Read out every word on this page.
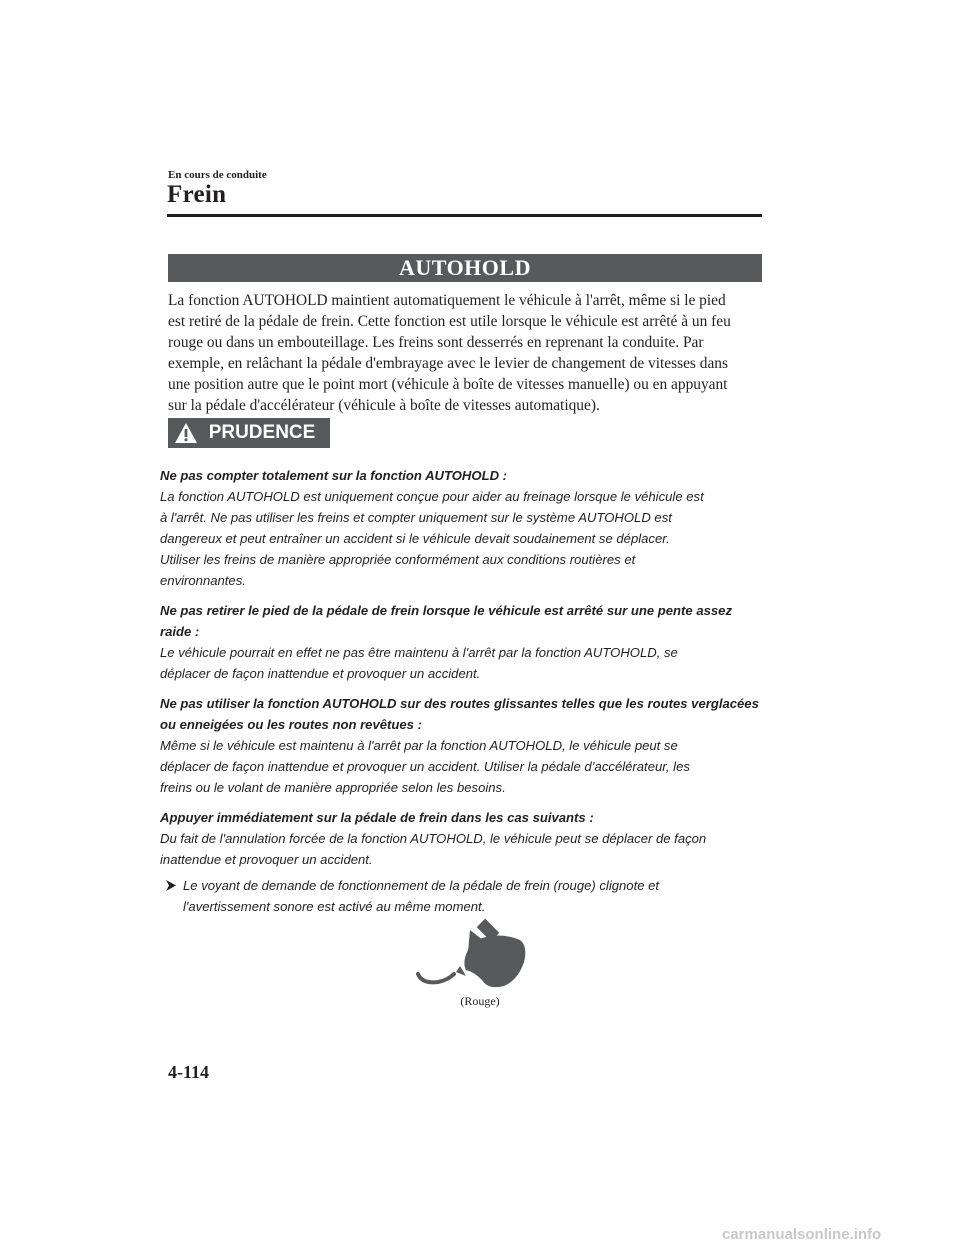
En cours de conduite
Frein
AUTOHOLD

La fonction AUTOHOLD maintient automatiquement le véhicule à l'arrêt, même si le pied

est retiré de la pédale de frein. Cette fonction est utile lorsque le véhicule est arrêté à un feu

rouge ou dans un embouteillage. Les freins sont desserrés en reprenant la conduite. Par

exemple, en relâchant la pédale d'embrayage avec le levier de changement de vitesses dans

une position autre que le point mort (véhicule à boîte de vitesses manuelle) ou en appuyant

sur la pédale d'accélérateur (véhicule à boîte de vitesses automatique).

PRUDENCE

Ne pas compter totalement sur la fonction AUTOHOLD :

La fonction AUTOHOLD est uniquement conçue pour aider au freinage lorsque le véhicule est

à l'arrêt. Ne pas utiliser les freins et compter uniquement sur le système AUTOHOLD est

dangereux et peut entraîner un accident si le véhicule devait soudainement se déplacer.

Utiliser les freins de manière appropriée conformément aux conditions routières et

environnantes.

Ne pas retirer le pied de la pédale de frein lorsque le véhicule est arrêté sur une pente assez

raide :

Le véhicule pourrait en effet ne pas être maintenu à l'arrêt par la fonction AUTOHOLD, se

déplacer de façon inattendue et provoquer un accident.

Ne pas utiliser la fonction AUTOHOLD sur des routes glissantes telles que les routes verglacées

ou enneigées ou les routes non revêtues :

Même si le véhicule est maintenu à l'arrêt par la fonction AUTOHOLD, le véhicule peut se

déplacer de façon inattendue et provoquer un accident. Utiliser la pédale d’accélérateur, les

freins ou le volant de manière appropriée selon les besoins.

Appuyer immédiatement sur la pédale de frein dans les cas suivants :

Du fait de l'annulation forcée de la fonction AUTOHOLD, le véhicule peut se déplacer de façon

inattendue et provoquer un accident.

Le voyant de demande de fonctionnement de la pédale de frein (rouge) clignote et

l'avertissement sonore est activé au même moment.

(Rouge)
4-114
carmanualsonline.info
